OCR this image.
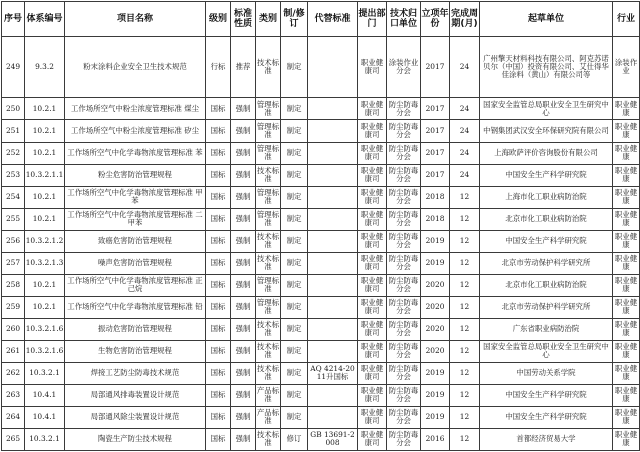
序号	体系编号	项目名称	级别	标准性质	类别	制/修订	代替标准	提出部门	技术归口单位	立项年份	完成周期(月)	起草单位	行业
249	9.3.2	粉末涂料企业安全卫生技术规范	行标	推荐	技术标准	制定		职业健康司	涂装作业分会	2017	24	广州擎天材料科技有限公司、阿克苏诺贝尔（中国）投资有限公司、艾仕得华佳涂料（黄山）有限公司等	涂装作业
250	10.2.1	工作场所空气中粉尘浓度管理标准 煤尘	国标	强制	管理标准	制定		职业健康司	防尘防毒分会	2017	24	国家安全监管总局职业安全卫生研究中心	职业健康
251	10.2.1	工作场所空气中粉尘浓度管理标准 矽尘	国标	强制	管理标准	制定		职业健康司	防尘防毒分会	2017	24	中钢集团武汉安全环保研究院有限公司	职业健康
252	10.2.1	工作场所空气中化学毒物浓度管理标准 苯	国标	强制	管理标准	制定		职业健康司	防尘防毒分会	2017	24	上海欧萨评价咨询股份有限公司	职业健康
253	10.3.2.1.1	粉尘危害防治管理规程	国标	强制	技术标准	制定		职业健康司	防尘防毒分会	2017	24	中国安全生产科学研究院	职业健康
254	10.2.1	工作场所空气中化学毒物浓度管理标准 甲苯	国标	强制	管理标准	制定		职业健康司	防尘防毒分会	2018	12	上海市化工职业病防治院	职业健康
255	10.2.1	工作场所空气中化学毒物浓度管理标准 二甲苯	国标	强制	管理标准	制定		职业健康司	防尘防毒分会	2018	12	北京市化工职业病防治院	职业健康
256	10.3.2.1.2	致癌危害防治管理规程	国标	强制	技术标准	制定		职业健康司	防尘防毒分会	2019	12	中国安全生产科学研究院	职业健康
257	10.3.2.1.3	噪声危害防治管理规程	国标	强制	技术标准	制定		职业健康司	防尘防毒分会	2019	12	北京市劳动保护科学研究所	职业健康
258	10.2.1	工作场所空气中化学毒物浓度管理标准 正己烷	国标	强制	管理标准	制定		职业健康司	防尘防毒分会	2020	12	北京市化工职业病防治院	职业健康
259	10.2.1	工作场所空气中化学毒物浓度管理标准 铅	国标	强制	管理标准	制定		职业健康司	防尘防毒分会	2020	12	北京市劳动保护科学研究所	职业健康
260	10.3.2.1.6	振动危害防治管理规程	国标	强制	技术标准	制定		职业健康司	防尘防毒分会	2020	12	广东省职业病防治院	职业健康
261	10.3.2.1.6	生物危害防治管理规程	国标	强制	技术标准	制定		职业健康司	防尘防毒分会	2020	12	国家安全监管总局职业安全卫生研究中心	职业健康
262	10.3.2.1	焊接工艺防尘防毒技术规范	国标	强制	技术标准	制定	AQ 4214-2011升国标	职业健康司	防尘防毒分会	2019	12	中国劳动关系学院	职业健康
263	10.4.1	局部通风排毒装置设计规范	国标	强制	产品标准	制定		职业健康司	防尘防毒分会	2019	12	中国安全生产科学研究院	职业健康
264	10.4.1	局部通风除尘装置设计规范	国标	强制	产品标准	制定		职业健康司	防尘防毒分会	2019	12	中国安全生产科学研究院	职业健康
265	10.3.2.1	陶瓷生产防尘技术规程	国标	强制	技术标准	修订	GB 13691-2008	职业健康司	防尘防毒分会	2016	12	首都经济贸易大学	职业健康
